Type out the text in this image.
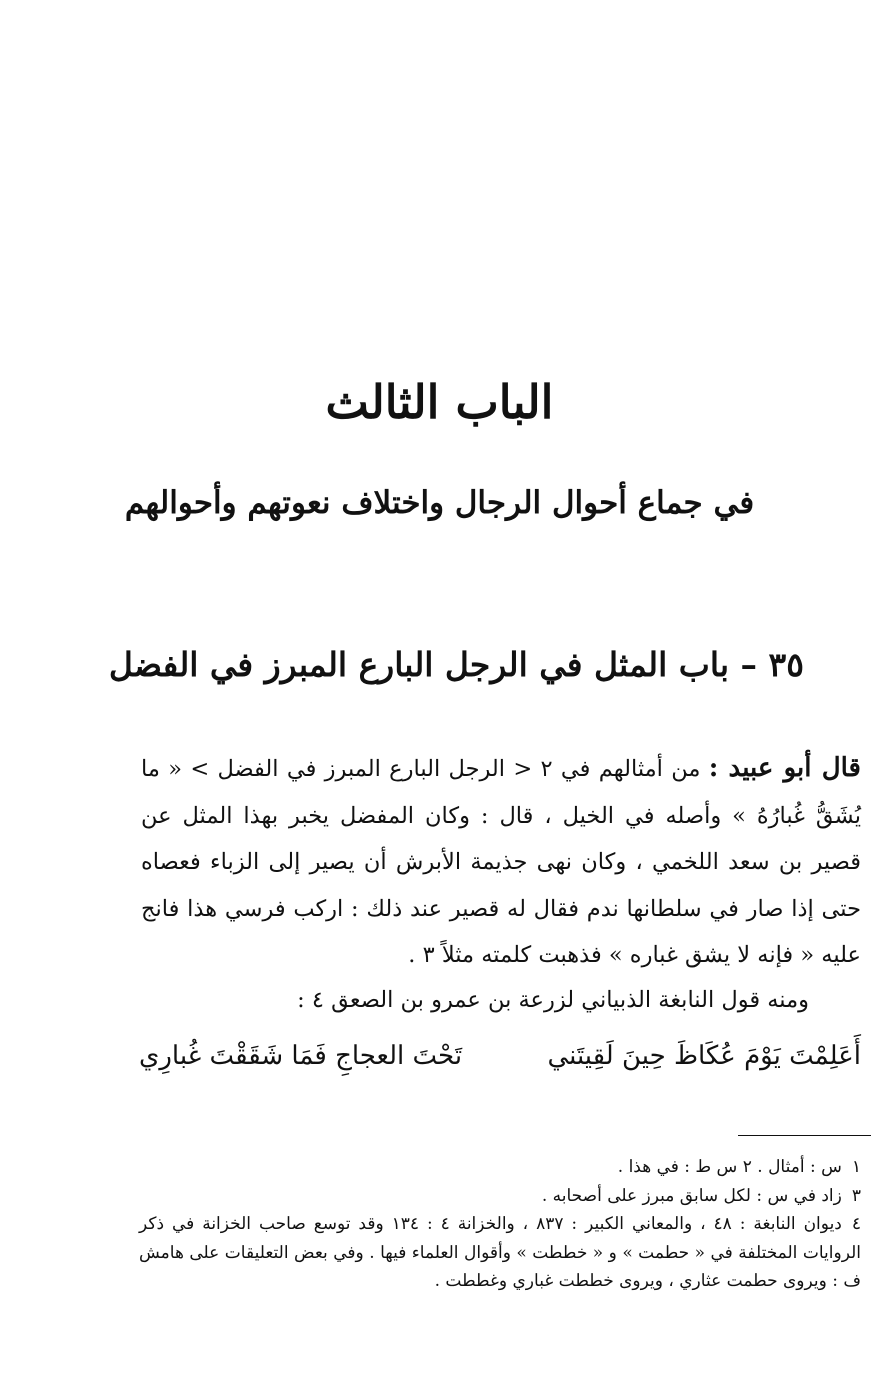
الباب الثالث
في جماع أحوال الرجال واختلاف نعوتهم وأحوالهم
٣٥ – باب المثل في الرجل البارع المبرز في الفضل

قال أبو عبيد : من أمثالهم في ٢ < الرجل البارع المبرز في الفضل > « ما يُشَقُّ غُبارُهُ » وأصله في الخيل ، قال : وكان المفضل يخبر بهذا المثل عن قصير بن سعد اللخمي ، وكان نهى جذيمة الأبرش أن يصير إلى الزباء فعصاه حتى إذا صار في سلطانها ندم فقال له قصير عند ذلك : اركب فرسي هذا فانج عليه « فإنه لا يشق غباره » فذهبت كلمته مثلاً ٣ .

ومنه قول النابغة الذبياني لزرعة بن عمرو بن الصعق ٤ :

أَعَلِمْتَ يَوْمَ عُكَاظَ حِينَ لَقِيتَني
تَحْتَ العجاجِ فَمَا شَقَقْتَ غُبارِي
١س : أمثال . ٢ س ط : في هذا .
٣زاد في س : لكل سابق مبرز على أصحابه .
٤ديوان النابغة : ٤٨ ، والمعاني الكبير : ٨٣٧ ، والخزانة ٤ : ١٣٤ وقد توسع صاحب الخزانة في ذكر الروايات المختلفة في « حطمت » و « خططت » وأقوال العلماء فيها . وفي بعض التعليقات على هامش ف : ويروى حطمت عثاري ، ويروى خططت غباري وغططت .
